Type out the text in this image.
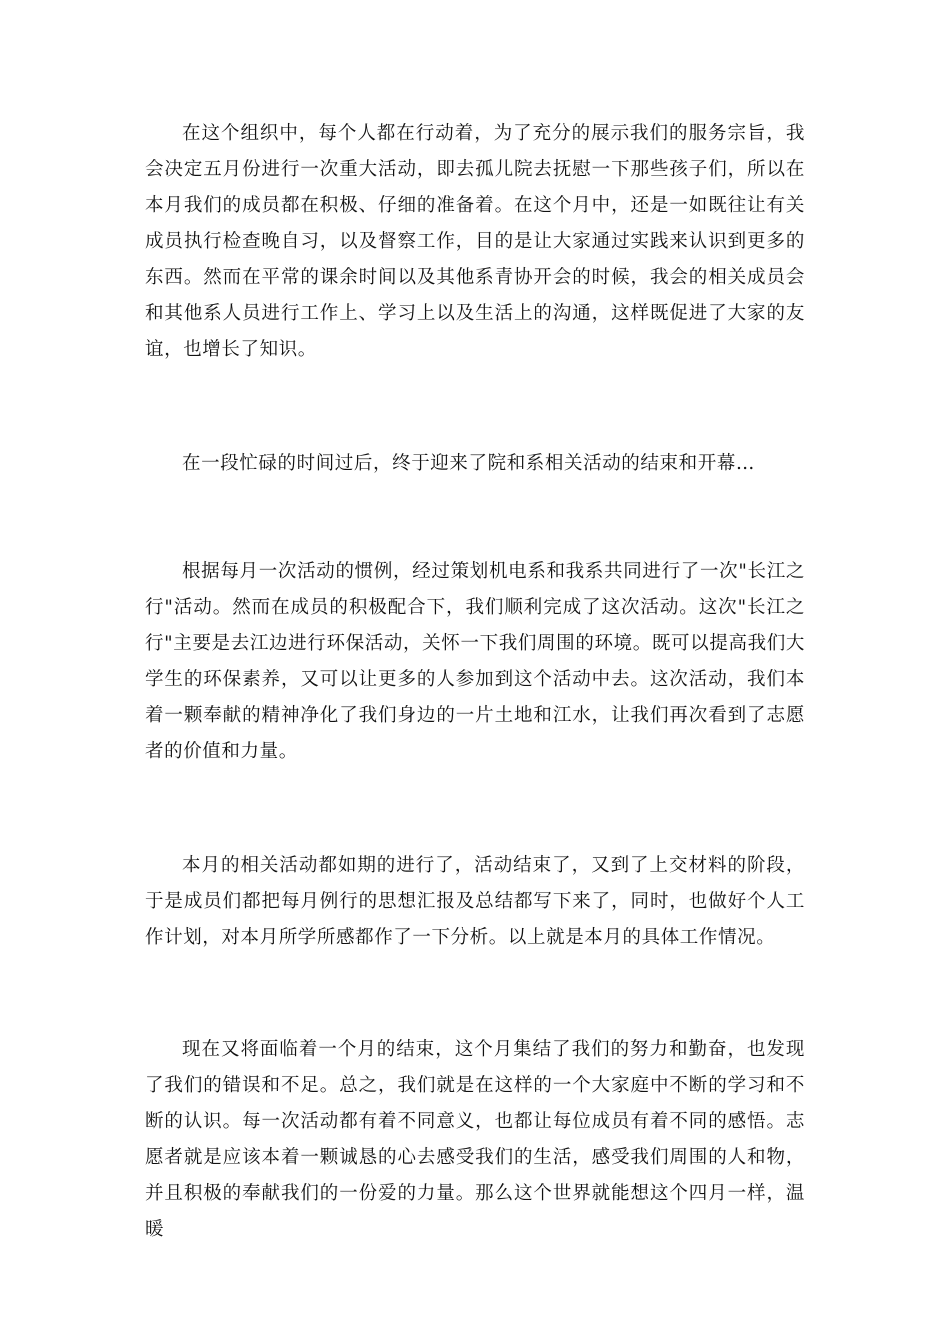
在这个组织中，每个人都在行动着，为了充分的展示我们的服务宗旨，我会决定五月份进行一次重大活动，即去孤儿院去抚慰一下那些孩子们，所以在本月我们的成员都在积极、仔细的准备着。在这个月中，还是一如既往让有关成员执行检查晚自习，以及督察工作，目的是让大家通过实践来认识到更多的东西。然而在平常的课余时间以及其他系青协开会的时候，我会的相关成员会和其他系人员进行工作上、学习上以及生活上的沟通，这样既促进了大家的友谊，也增长了知识。

在一段忙碌的时间过后，终于迎来了院和系相关活动的结束和开幕…

根据每月一次活动的惯例，经过策划机电系和我系共同进行了一次"长江之行"活动。然而在成员的积极配合下，我们顺利完成了这次活动。这次"长江之行"主要是去江边进行环保活动，关怀一下我们周围的环境。既可以提高我们大学生的环保素养，又可以让更多的人参加到这个活动中去。这次活动，我们本着一颗奉献的精神净化了我们身边的一片土地和江水，让我们再次看到了志愿者的价值和力量。

本月的相关活动都如期的进行了，活动结束了，又到了上交材料的阶段，于是成员们都把每月例行的思想汇报及总结都写下来了，同时，也做好个人工作计划，对本月所学所感都作了一下分析。以上就是本月的具体工作情况。

现在又将面临着一个月的结束，这个月集结了我们的努力和勤奋，也发现了我们的错误和不足。总之，我们就是在这样的一个大家庭中不断的学习和不断的认识。每一次活动都有着不同意义，也都让每位成员有着不同的感悟。志愿者就是应该本着一颗诚恳的心去感受我们的生活，感受我们周围的人和物，并且积极的奉献我们的一份爱的力量。那么这个世界就能想这个四月一样，温暖
